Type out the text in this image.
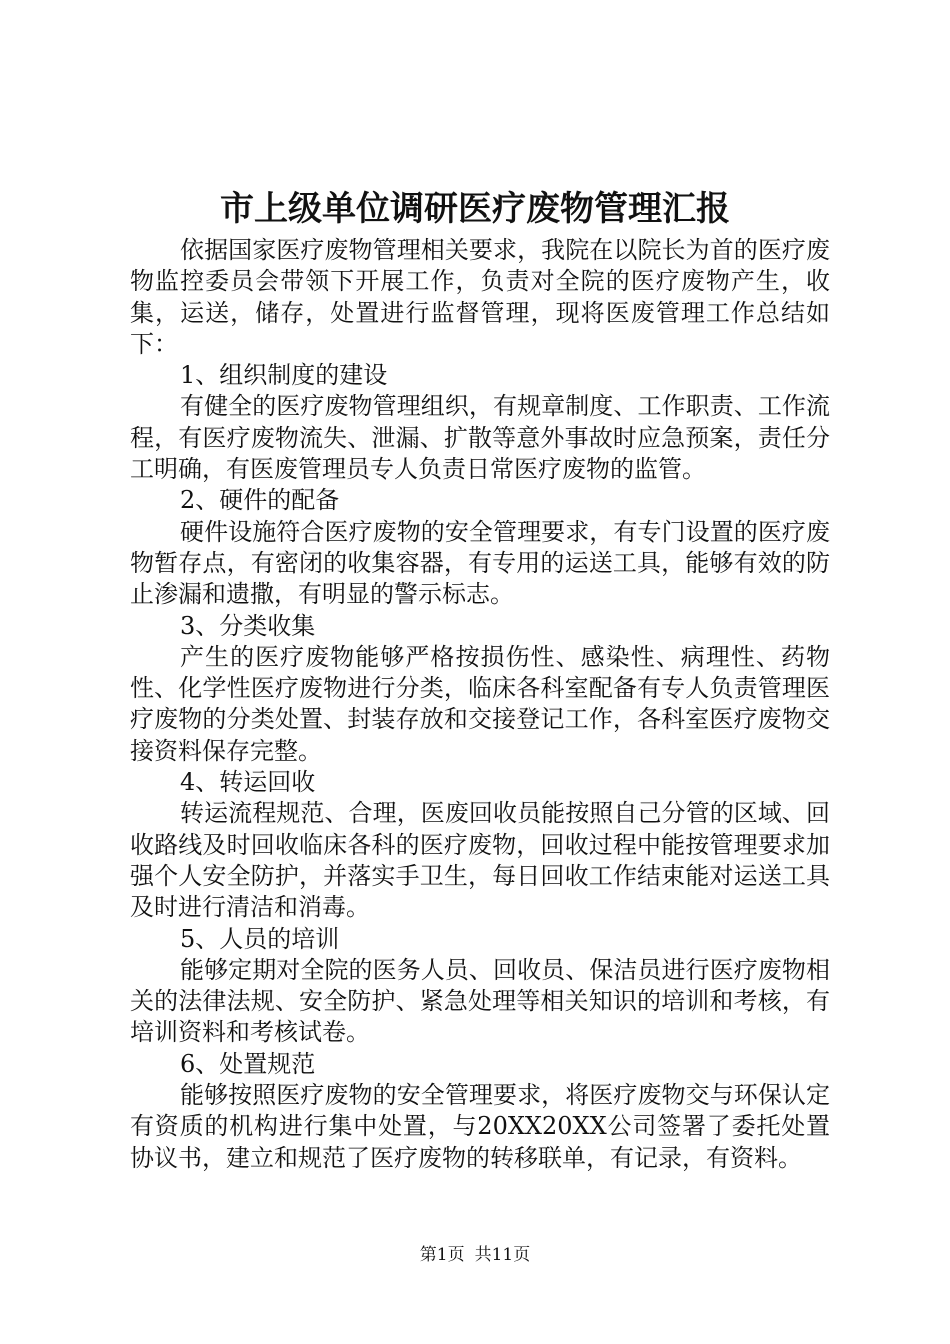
市上级单位调研医疗废物管理汇报

依据国家医疗废物管理相关要求，我院在以院长为首的医疗废物监控委员会带领下开展工作，负责对全院的医疗废物产生，收集，运送，储存，处置进行监督管理，现将医废管理工作总结如下：

1、组织制度的建设

有健全的医疗废物管理组织，有规章制度、工作职责、工作流程，有医疗废物流失、泄漏、扩散等意外事故时应急预案，责任分工明确，有医废管理员专人负责日常医疗废物的监管。

2、硬件的配备

硬件设施符合医疗废物的安全管理要求，有专门设置的医疗废物暂存点，有密闭的收集容器，有专用的运送工具，能够有效的防止渗漏和遗撒，有明显的警示标志。

3、分类收集

产生的医疗废物能够严格按损伤性、感染性、病理性、药物性、化学性医疗废物进行分类，临床各科室配备有专人负责管理医疗废物的分类处置、封装存放和交接登记工作，各科室医疗废物交接资料保存完整。

4、转运回收

转运流程规范、合理，医废回收员能按照自己分管的区域、回收路线及时回收临床各科的医疗废物，回收过程中能按管理要求加强个人安全防护，并落实手卫生，每日回收工作结束能对运送工具及时进行清洁和消毒。

5、人员的培训

能够定期对全院的医务人员、回收员、保洁员进行医疗废物相关的法律法规、安全防护、紧急处理等相关知识的培训和考核，有培训资料和考核试卷。

6、处置规范

能够按照医疗废物的安全管理要求，将医疗废物交与环保认定有资质的机构进行集中处置，与20XX20XX公司签署了委托处置协议书，建立和规范了医疗废物的转移联单，有记录，有资料。

第1页 共11页
